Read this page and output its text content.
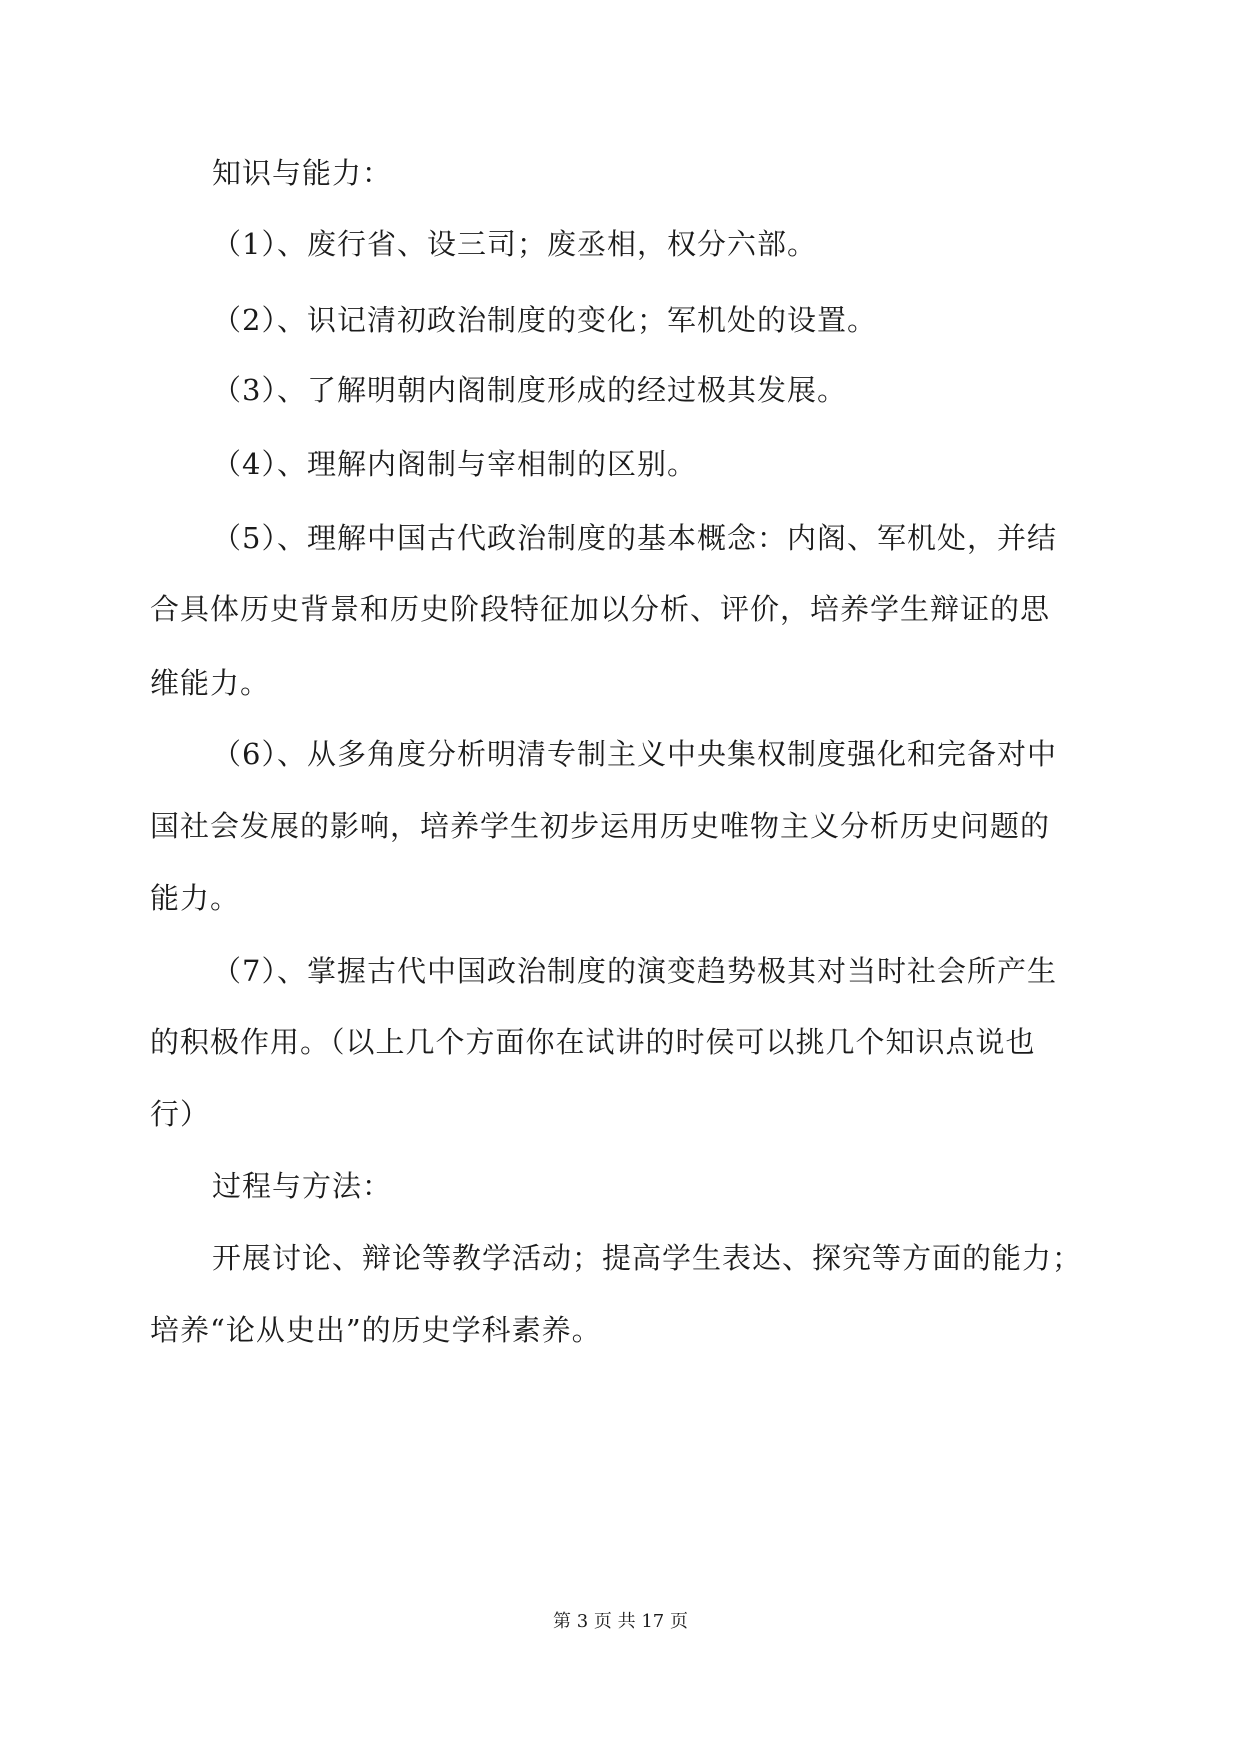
知识与能力：
（1）、废行省、设三司；废丞相，权分六部。
（2）、识记清初政治制度的变化；军机处的设置。
（3）、了解明朝内阁制度形成的经过极其发展。
（4）、理解内阁制与宰相制的区别。
（5）、理解中国古代政治制度的基本概念：内阁、军机处，并结
合具体历史背景和历史阶段特征加以分析、评价，培养学生辩证的思
维能力。
（6）、从多角度分析明清专制主义中央集权制度强化和完备对中
国社会发展的影响，培养学生初步运用历史唯物主义分析历史问题的
能力。
（7）、掌握古代中国政治制度的演变趋势极其对当时社会所产生
的积极作用。（以上几个方面你在试讲的时侯可以挑几个知识点说也
行）
过程与方法：
开展讨论、辩论等教学活动；提高学生表达、探究等方面的能力；
培养“论从史出”的历史学科素养。
第 3 页 共 17 页
